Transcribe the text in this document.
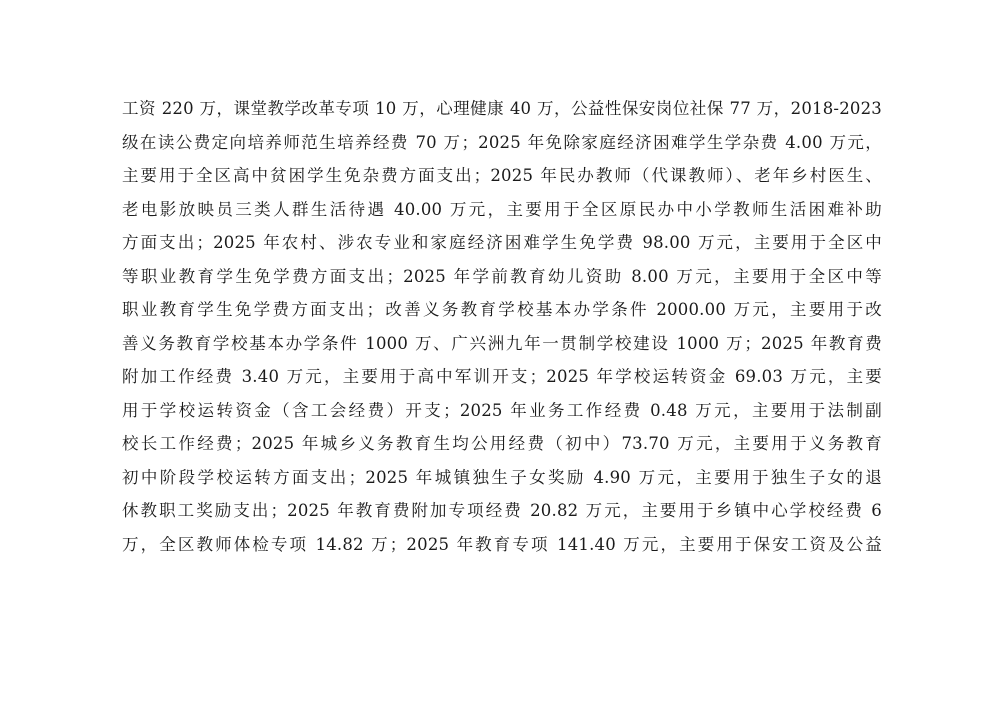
工资 220 万，课堂教学改革专项 10 万，心理健康 40 万，公益性保安岗位社保 77 万，2018-2023
级在读公费定向培养师范生培养经费 70 万；2025 年免除家庭经济困难学生学杂费 4.00 万元，
主要用于全区高中贫困学生免杂费方面支出；2025 年民办教师（代课教师）、老年乡村医生、
老电影放映员三类人群生活待遇 40.00 万元，主要用于全区原民办中小学教师生活困难补助
方面支出；2025 年农村、涉农专业和家庭经济困难学生免学费 98.00 万元，主要用于全区中
等职业教育学生免学费方面支出；2025 年学前教育幼儿资助 8.00 万元，主要用于全区中等
职业教育学生免学费方面支出；改善义务教育学校基本办学条件 2000.00 万元，主要用于改
善义务教育学校基本办学条件 1000 万、广兴洲九年一贯制学校建设 1000 万；2025 年教育费
附加工作经费 3.40 万元，主要用于高中军训开支；2025 年学校运转资金 69.03 万元，主要
用于学校运转资金（含工会经费）开支；2025 年业务工作经费 0.48 万元，主要用于法制副
校长工作经费；2025 年城乡义务教育生均公用经费（初中）73.70 万元，主要用于义务教育
初中阶段学校运转方面支出；2025 年城镇独生子女奖励 4.90 万元，主要用于独生子女的退
休教职工奖励支出；2025 年教育费附加专项经费 20.82 万元，主要用于乡镇中心学校经费 6
万，全区教师体检专项 14.82 万；2025 年教育专项 141.40 万元，主要用于保安工资及公益
